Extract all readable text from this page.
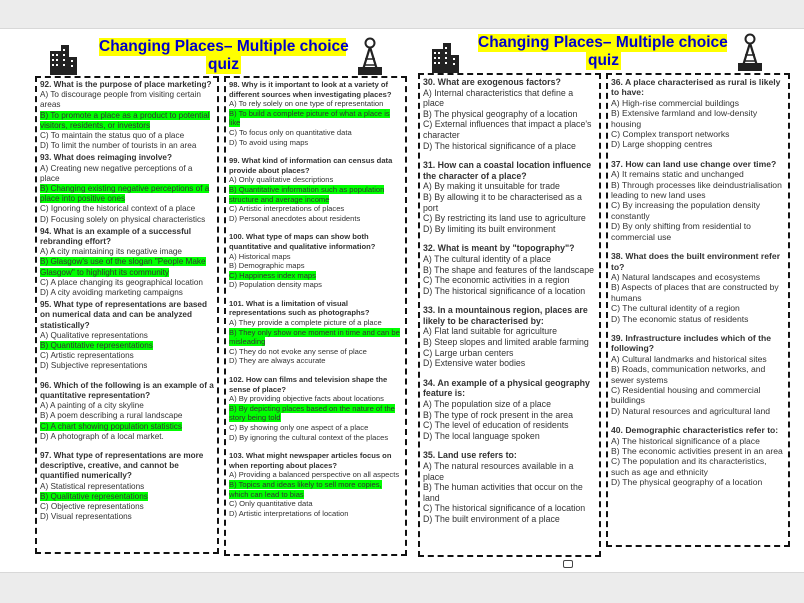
Changing Places– Multiple choice
quiz
92. What is the purpose of place marketing?
A) To discourage people from visiting certain areas
B) To promote a place as a product to potential visitors, residents, or investors
C) To maintain the status quo of a place
D) To limit the number of tourists in an area
93. What does reimaging involve?
A) Creating new negative perceptions of a place
B) Changing existing negative perceptions of a place into positive ones
C) Ignoring the historical context of a place
D) Focusing solely on physical characteristics
94. What is an example of a successful rebranding effort?
A) A city maintaining its negative image
B) Glasgow's use of the slogan "People Make Glasgow" to highlight its community
C) A place changing its geographical location
D) A city avoiding marketing campaigns
95. What type of representations are based on numerical data and can be analyzed statistically?
A) Qualitative representations
B) Quantitative representations
C) Artistic representations
D) Subjective representations
96. Which of the following is an example of a quantitative representation?
A) A painting of a city skyline
B) A poem describing a rural landscape
C) A chart showing population statistics
D) A photograph of a local market.
97. What type of representations are more descriptive, creative, and cannot be quantified numerically?
A) Statistical representations
B) Qualitative representations
C) Objective representations
D) Visual representations
98. Why is it important to look at a variety of different sources when investigating places?
A) To rely solely on one type of representation
B) To build a complete picture of what a place is like
C) To focus only on quantitative data
D) To avoid using maps
99. What kind of information can census data provide about places?
A) Only qualitative descriptions
B) Quantitative information such as population structure and average income
C) Artistic interpretations of places
D) Personal anecdotes about residents
100. What type of maps can show both quantitative and qualitative information?
A) Historical maps
B) Demographic maps
C) Happiness index maps
D) Population density maps
101. What is a limitation of visual representations such as photographs?
A) They provide a complete picture of a place
B) They only show one moment in time and can be misleading
C) They do not evoke any sense of place
D) They are always accurate
102. How can films and television shape the sense of place?
A) By providing objective facts about locations
B) By depicting places based on the nature of the story being told
C) By showing only one aspect of a place
D) By ignoring the cultural context of the places
103. What might newspaper articles focus on when reporting about places?
A) Providing a balanced perspective on all aspects
B) Topics and ideas likely to sell more copies, which can lead to bias
C) Only quantitative data
D) Artistic interpretations of location
Changing Places– Multiple choice
quiz
30. What are exogenous factors?
A) Internal characteristics that define a place
B) The physical geography of a location
C) External influences that impact a place's character
D) The historical significance of a place
31. How can a coastal location influence the character of a place?
A) By making it unsuitable for trade
B) By allowing it to be characterised as a port
C) By restricting its land use to agriculture
D) By limiting its built environment
32. What is meant by "topography"?
A) The cultural identity of a place
B) The shape and features of the landscape
C) The economic activities in a region
D) The historical significance of a location
33. In a mountainous region, places are likely to be characterised by:
A) Flat land suitable for agriculture
B) Steep slopes and limited arable farming
C) Large urban centers
D) Extensive water bodies
34. An example of a physical geography feature is:
A) The population size of a place
B) The type of rock present in the area
C) The level of education of residents
D) The local language spoken
35. Land use refers to:
A) The natural resources available in a place
B) The human activities that occur on the land
C) The historical significance of a location
D) The built environment of a place
36. A place characterised as rural is likely to have:
A) High-rise commercial buildings
B) Extensive farmland and low-density housing
C) Complex transport networks
D) Large shopping centres
37. How can land use change over time?
A) It remains static and unchanged
B) Through processes like deindustrialisation leading to new land uses
C) By increasing the population density constantly
D) By only shifting from residential to commercial use
38. What does the built environment refer to?
A) Natural landscapes and ecosystems
B) Aspects of places that are constructed by humans
C) The cultural identity of a region
D) The economic status of residents
39. Infrastructure includes which of the following?
A) Cultural landmarks and historical sites
B) Roads, communication networks, and sewer systems
C) Residential housing and commercial buildings
D) Natural resources and agricultural land
40. Demographic characteristics refer to:
A) The historical significance of a place
B) The economic activities present in an area
C) The population and its characteristics, such as age and ethnicity
D) The physical geography of a location
